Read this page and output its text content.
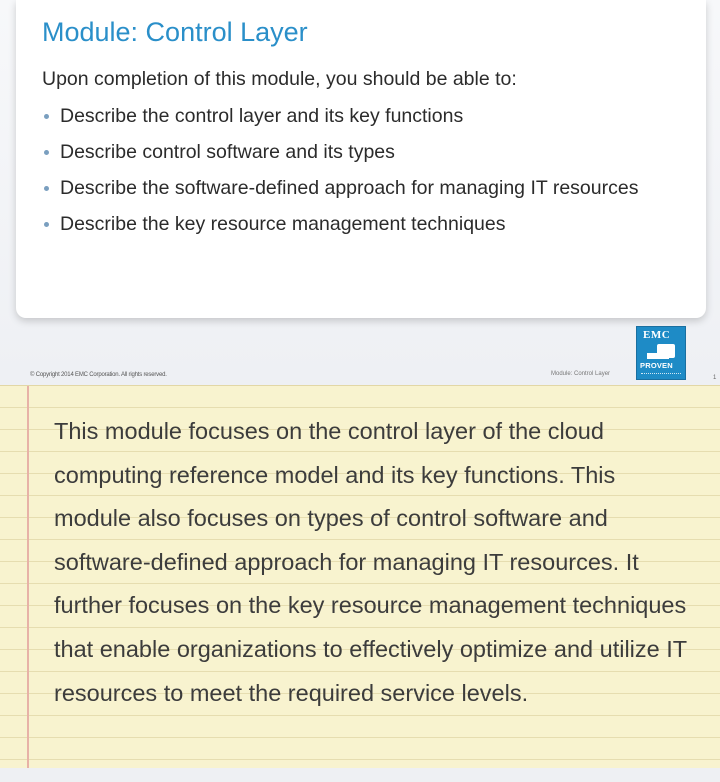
Module: Control Layer

Upon completion of this module, you should be able to:

Describe the control layer and its key functions
Describe control software and its types
Describe the software-defined approach for managing IT resources
Describe the key resource management techniques
© Copyright 2014 EMC Corporation. All rights reserved.	Module: Control Layer
EMC
PROVEN
1

This module focuses on the control layer of the cloud computing reference model and its key functions. This module also focuses on types of control software and software-defined approach for managing IT resources. It further focuses on the key resource management techniques that enable organizations to effectively optimize and utilize IT resources to meet the required service levels.
